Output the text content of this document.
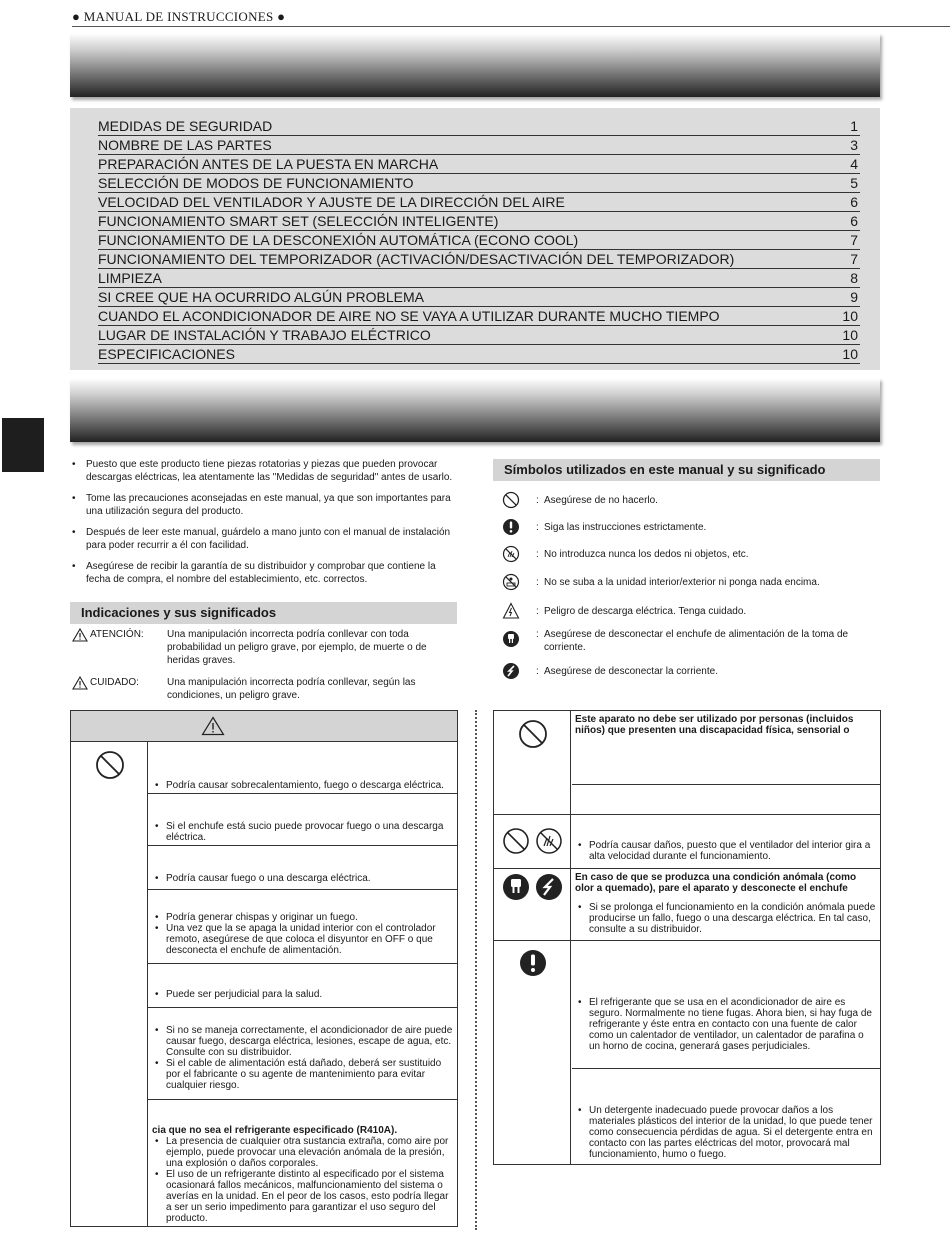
● MANUAL DE INSTRUCCIONES ●
MEDIDAS DE SEGURIDAD	1
NOMBRE DE LAS PARTES	3
PREPARACIÓN ANTES DE LA PUESTA EN MARCHA	4
SELECCIÓN DE MODOS DE FUNCIONAMIENTO	5
VELOCIDAD DEL VENTILADOR Y AJUSTE DE LA DIRECCIÓN DEL AIRE	6
FUNCIONAMIENTO SMART SET (SELECCIÓN INTELIGENTE)	6
FUNCIONAMIENTO DE LA DESCONEXIÓN AUTOMÁTICA (ECONO COOL)	7
FUNCIONAMIENTO DEL TEMPORIZADOR (ACTIVACIÓN/DESACTIVACIÓN DEL TEMPORIZADOR)	7
LIMPIEZA	8
SI CREE QUE HA OCURRIDO ALGÚN PROBLEMA	9
CUANDO EL ACONDICIONADOR DE AIRE NO SE VAYA A UTILIZAR DURANTE MUCHO TIEMPO	10
LUGAR DE INSTALACIÓN Y TRABAJO ELÉCTRICO	10
ESPECIFICACIONES	10
• Puesto que este producto tiene piezas rotatorias y piezas que pueden provocar descargas eléctricas, lea atentamente las "Medidas de seguridad" antes de usarlo.
• Tome las precauciones aconsejadas en este manual, ya que son importantes para una utilización segura del producto.
• Después de leer este manual, guárdelo a mano junto con el manual de instalación para poder recurrir a él con facilidad.
• Asegúrese de recibir la garantía de su distribuidor y comprobar que contiene la fecha de compra, el nombre del establecimiento, etc. correctos.
Indicaciones y sus significados
ATENCIÓN: Una manipulación incorrecta podría conllevar con toda probabilidad un peligro grave, por ejemplo, de muerte o de heridas graves.
CUIDADO:	Una manipulación incorrecta podría conllevar, según las condiciones, un peligro grave.
Símbolos utilizados en este manual y su significado
: Asegúrese de no hacerlo.
: Siga las instrucciones estrictamente.
: No introduzca nunca los dedos ni objetos, etc.
: No se suba a la unidad interior/exterior ni ponga nada encima.
: Peligro de descarga eléctrica. Tenga cuidado.
: Asegúrese de desconectar el enchufe de alimentación de la toma de corriente.
: Asegúrese de desconectar la corriente.

• Podría causar sobrecalentamiento, fuego o descarga eléctrica.

• Si el enchufe está sucio puede provocar fuego o una descarga eléctrica.

• Podría causar fuego o una descarga eléctrica.

• Podría generar chispas y originar un fuego.

• Una vez que la se apaga la unidad interior con el controlador remoto, asegúrese de que coloca el disyuntor en OFF o que desconecta el enchufe de alimentación.

• Puede ser perjudicial para la salud.

• Si no se maneja correctamente, el acondicionador de aire puede causar fuego, descarga eléctrica, lesiones, escape de agua, etc. Consulte con su distribuidor.

• Si el cable de alimentación está dañado, deberá ser sustituido por el fabricante o su agente de mantenimiento para evitar cualquier riesgo.

cia que no sea el refrigerante especificado (R410A).

• La presencia de cualquier otra sustancia extraña, como aire por ejemplo, puede provocar una elevación anómala de la presión, una explosión o daños corporales.

• El uso de un refrigerante distinto al especificado por el sistema ocasionará fallos mecánicos, malfuncionamiento del sistema o averías en la unidad. En el peor de los casos, esto podría llegar a ser un serio impedimento para garantizar el uso seguro del producto.

Este aparato no debe ser utilizado por personas (incluidos niños) que presenten una discapacidad física, sensorial o

• Podría causar daños, puesto que el ventilador del interior gira a alta velocidad durante el funcionamiento.

En caso de que se produzca una condición anómala (como olor a quemado), pare el aparato y desconecte el enchufe

• Si se prolonga el funcionamiento en la condición anómala puede producirse un fallo, fuego o una descarga eléctrica. En tal caso, consulte a su distribuidor.

• El refrigerante que se usa en el acondicionador de aire es seguro. Normalmente no tiene fugas. Ahora bien, si hay fuga de refrigerante y éste entra en contacto con una fuente de calor como un calentador de ventilador, un calentador de parafina o un horno de cocina, generará gases perjudiciales.

• Un detergente inadecuado puede provocar daños a los materiales plásticos del interior de la unidad, lo que puede tener como consecuencia pérdidas de agua. Si el detergente entra en contacto con las partes eléctricas del motor, provocará mal funcionamiento, humo o fuego.
